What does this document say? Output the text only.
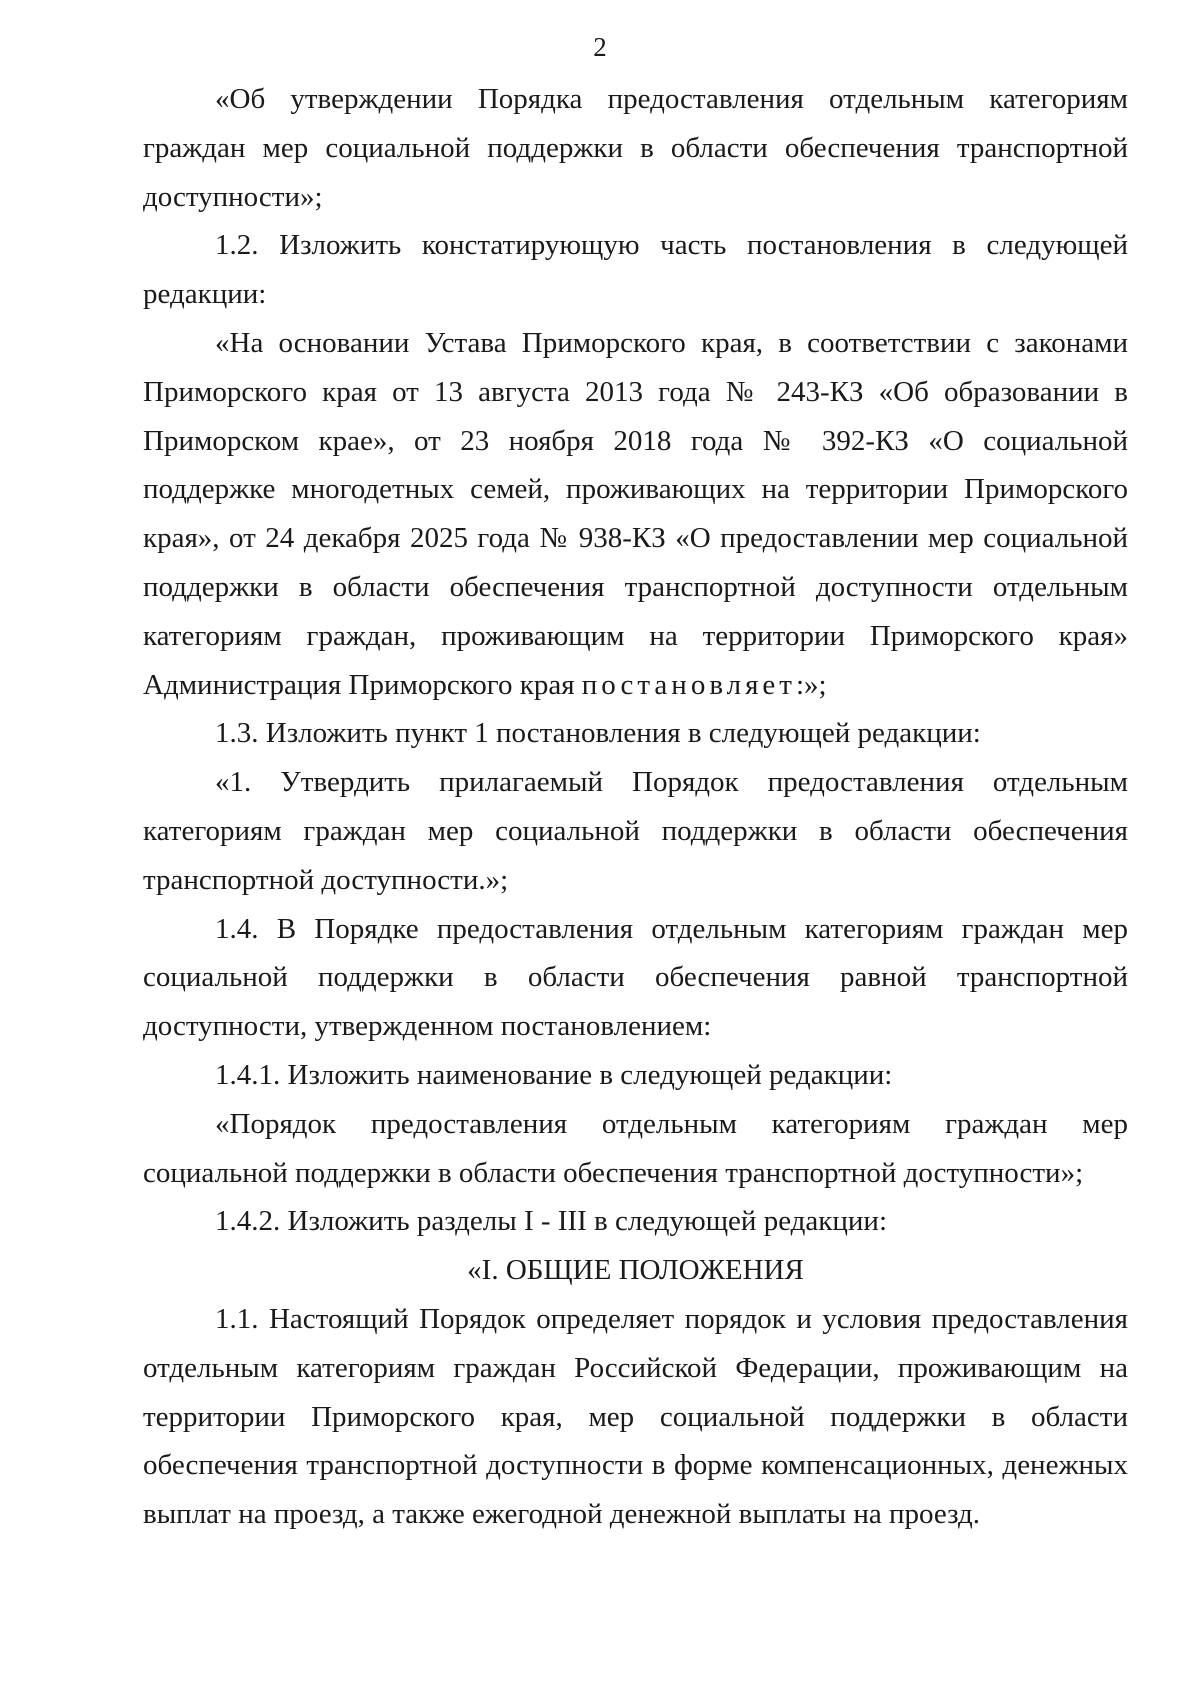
2

«Об утверждении Порядка предоставления отдельным категориям граждан мер социальной поддержки в области обеспечения транспортной доступности»;

1.2. Изложить констатирующую часть постановления в следующей редакции:

«На основании Устава Приморского края, в соответствии с законами Приморского края от 13 августа 2013 года № 243-КЗ «Об образовании в Приморском крае», от 23 ноября 2018 года № 392-КЗ «О социальной поддержке многодетных семей, проживающих на территории Приморского края», от 24 декабря 2025 года № 938-КЗ «О предоставлении мер социальной поддержки в области обеспечения транспортной доступности отдельным категориям граждан, проживающим на территории Приморского края» Администрация Приморского края постановляет:»;

1.3. Изложить пункт 1 постановления в следующей редакции:

«1. Утвердить прилагаемый Порядок предоставления отдельным категориям граждан мер социальной поддержки в области обеспечения транспортной доступности.»;

1.4. В Порядке предоставления отдельным категориям граждан мер социальной поддержки в области обеспечения равной транспортной доступности, утвержденном постановлением:

1.4.1. Изложить наименование в следующей редакции:

«Порядок предоставления отдельным категориям граждан мер социальной поддержки в области обеспечения транспортной доступности»;

1.4.2. Изложить разделы I - III в следующей редакции:

«I. ОБЩИЕ ПОЛОЖЕНИЯ

1.1. Настоящий Порядок определяет порядок и условия предоставления отдельным категориям граждан Российской Федерации, проживающим на территории Приморского края, мер социальной поддержки в области обеспечения транспортной доступности в форме компенсационных, денежных выплат на проезд, а также ежегодной денежной выплаты на проезд.
